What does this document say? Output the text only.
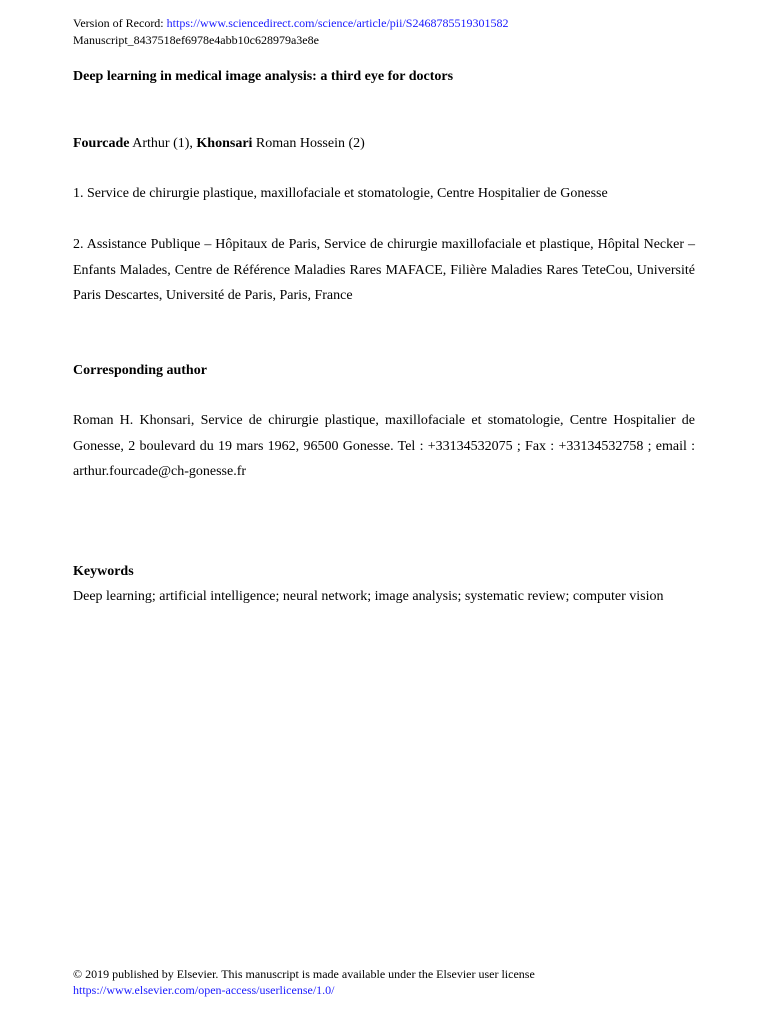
Version of Record: https://www.sciencedirect.com/science/article/pii/S2468785519301582
Manuscript_8437518ef6978e4abb10c628979a3e8e
Deep learning in medical image analysis: a third eye for doctors
Fourcade Arthur (1), Khonsari Roman Hossein (2)

1. Service de chirurgie plastique, maxillofaciale et stomatologie, Centre Hospitalier de Gonesse

2. Assistance Publique – Hôpitaux de Paris, Service de chirurgie maxillofaciale et plastique, Hôpital Necker – Enfants Malades, Centre de Référence Maladies Rares MAFACE, Filière Maladies Rares TeteCou, Université Paris Descartes, Université de Paris, Paris, France

Corresponding author

Roman H. Khonsari, Service de chirurgie plastique, maxillofaciale et stomatologie, Centre Hospitalier de Gonesse, 2 boulevard du 19 mars 1962, 96500 Gonesse. Tel : +33134532075 ; Fax : +33134532758 ; email : arthur.fourcade@ch-gonesse.fr

Keywords

Deep learning; artificial intelligence; neural network; image analysis; systematic review; computer vision

© 2019 published by Elsevier. This manuscript is made available under the Elsevier user license
https://www.elsevier.com/open-access/userlicense/1.0/
